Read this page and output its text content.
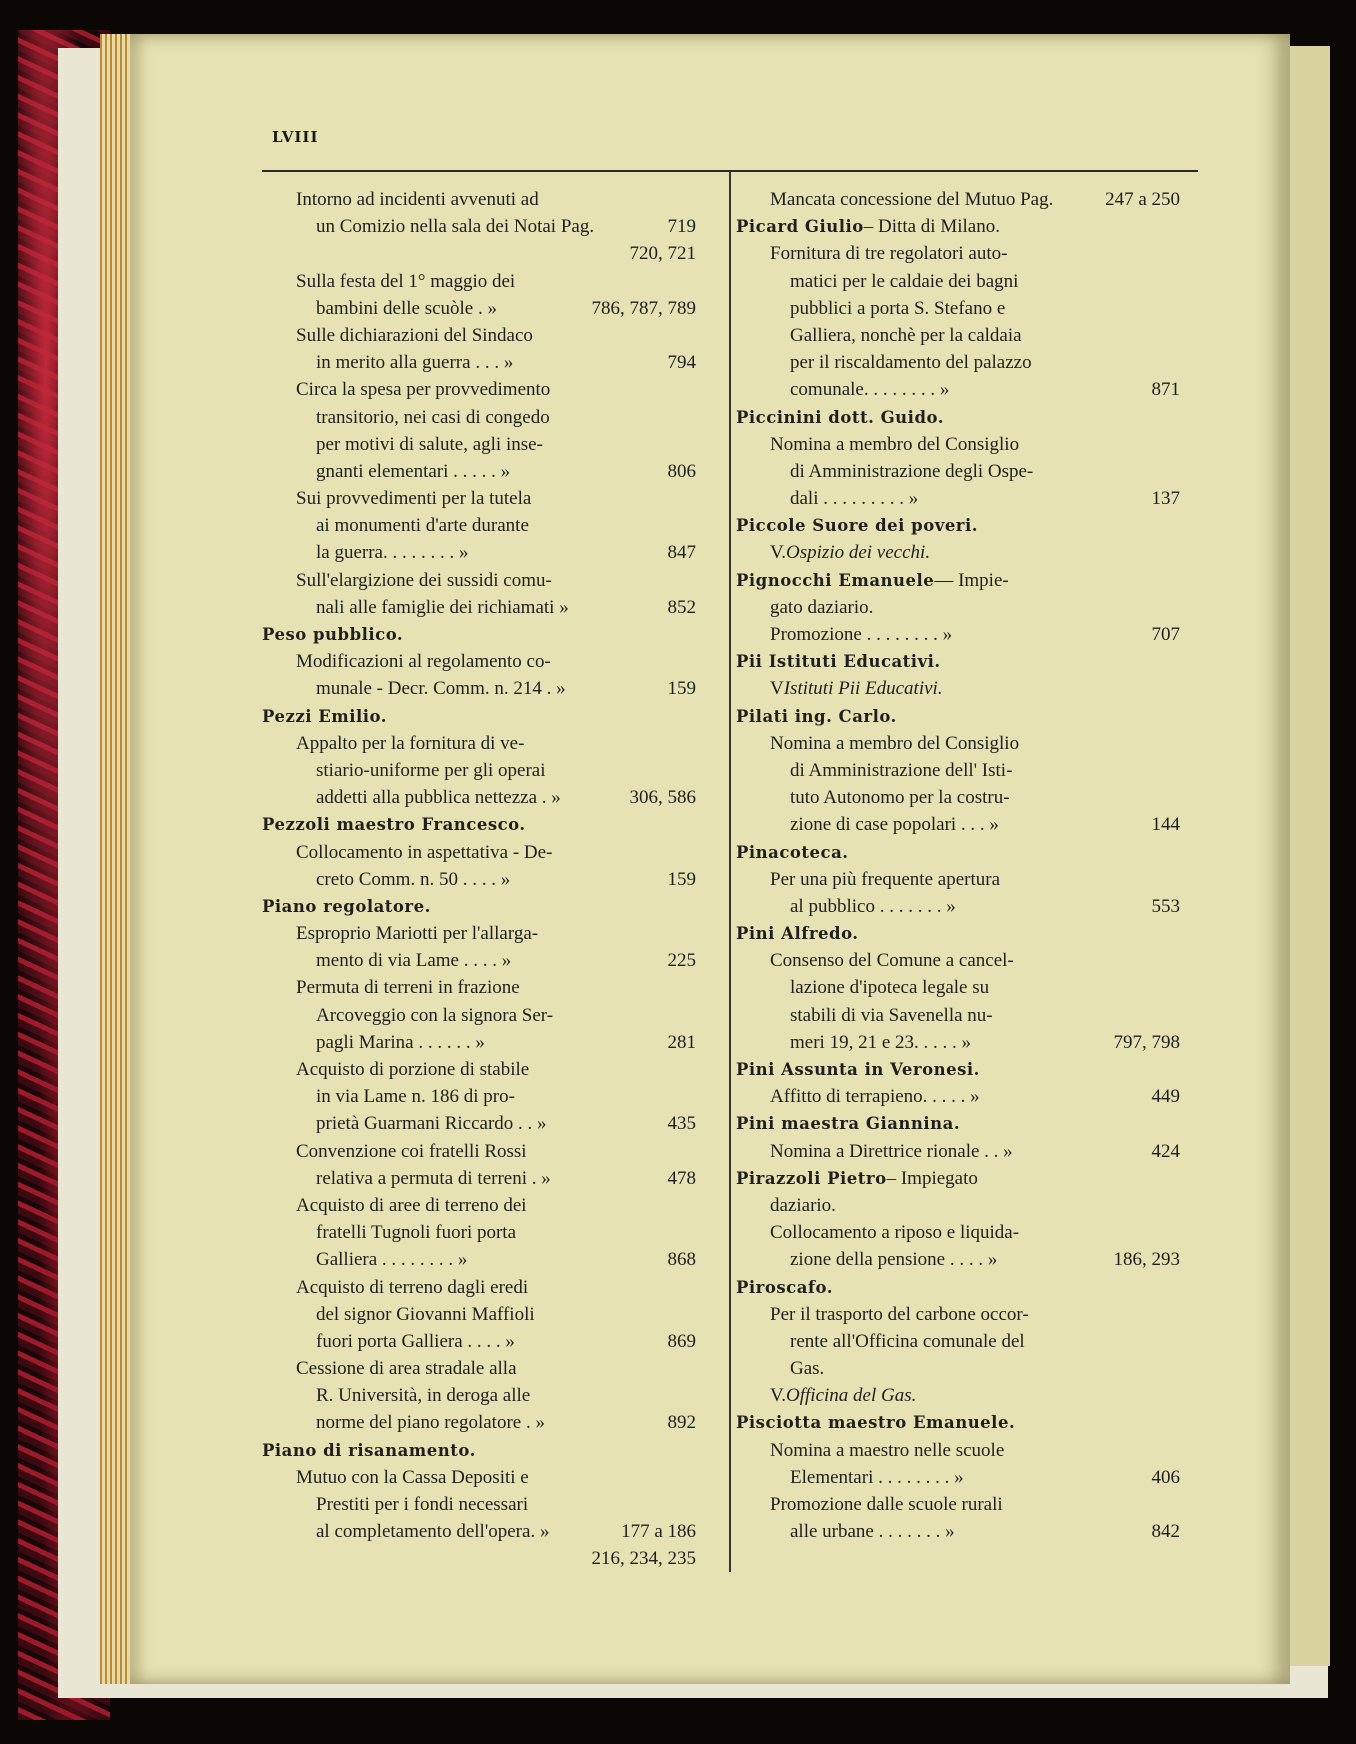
LVIII
Intorno ad incidenti avvenuti ad
un Comizio nella sala dei Notai Pag.	719
720, 721
Sulla festa del 1° maggio dei
bambini delle scuòle . »	786, 787, 789
Sulle dichiarazioni del Sindaco
in merito alla guerra . . . »	794
Circa la spesa per provvedimento
transitorio, nei casi di congedo
per motivi di salute, agli inse-
gnanti elementari . . . . . »	806
Sui provvedimenti per la tutela
ai monumenti d'arte durante
la guerra. . . . . . . . »	847
Sull'elargizione dei sussidi comu-
nali alle famiglie dei richiamati »	852
Peso pubblico.
Modificazioni al regolamento co-
munale - Decr. Comm. n. 214 . »	159
Pezzi Emilio.
Appalto per la fornitura di ve-
stiario-uniforme per gli operai
addetti alla pubblica nettezza . »	306, 586
Pezzoli maestro Francesco.
Collocamento in aspettativa - De-
creto Comm. n. 50 . . . . »	159
Piano regolatore.
Esproprio Mariotti per l'allarga-
mento di via Lame . . . . »	225
Permuta di terreni in frazione
Arcoveggio con la signora Ser-
pagli Marina . . . . . . »	281
Acquisto di porzione di stabile
in via Lame n. 186 di pro-
prietà Guarmani Riccardo . . »	435
Convenzione coi fratelli Rossi
relativa a permuta di terreni . »	478
Acquisto di aree di terreno dei
fratelli Tugnoli fuori porta
Galliera . . . . . . . . »	868
Acquisto di terreno dagli eredi
del signor Giovanni Maffioli
fuori porta Galliera . . . . »	869
Cessione di area stradale alla
R. Università, in deroga alle
norme del piano regolatore . »	892
Piano di risanamento.
Mutuo con la Cassa Depositi e
Prestiti per i fondi necessari
al completamento dell'opera. »	177 a 186
216, 234, 235
Mancata concessione del Mutuo Pag.	247 a 250
Picard Giulio– Ditta di Milano.
Fornitura di tre regolatori auto-
matici per le caldaie dei bagni
pubblici a porta S. Stefano e
Galliera, nonchè per la caldaia
per il riscaldamento del palazzo
comunale. . . . . . . . »	871
Piccinini dott. Guido.
Nomina a membro del Consiglio
di Amministrazione degli Ospe-
dali . . . . . . . . . »	137
Piccole Suore dei poveri.
V.Ospizio dei vecchi.
Pignocchi Emanuele— Impie-
gato daziario.
Promozione . . . . . . . . »	707
Pii Istituti Educativi.
VIstituti Pii Educativi.
Pilati ing. Carlo.
Nomina a membro del Consiglio
di Amministrazione dell' Isti-
tuto Autonomo per la costru-
zione di case popolari . . . »	144
Pinacoteca.
Per una più frequente apertura
al pubblico . . . . . . . »	553
Pini Alfredo.
Consenso del Comune a cancel-
lazione d'ipoteca legale su
stabili di via Savenella nu-
meri 19, 21 e 23. . . . . »	797, 798
Pini Assunta in Veronesi.
Affitto di terrapieno. . . . . »	449
Pini maestra Giannina.
Nomina a Direttrice rionale . . »	424
Pirazzoli Pietro– Impiegato
daziario.
Collocamento a riposo e liquida-
zione della pensione . . . . »	186, 293
Piroscafo.
Per il trasporto del carbone occor-
rente all'Officina comunale del
Gas.
V.Officina del Gas.
Pisciotta maestro Emanuele.
Nomina a maestro nelle scuole
Elementari . . . . . . . . »	406
Promozione dalle scuole rurali
alle urbane . . . . . . . »	842
